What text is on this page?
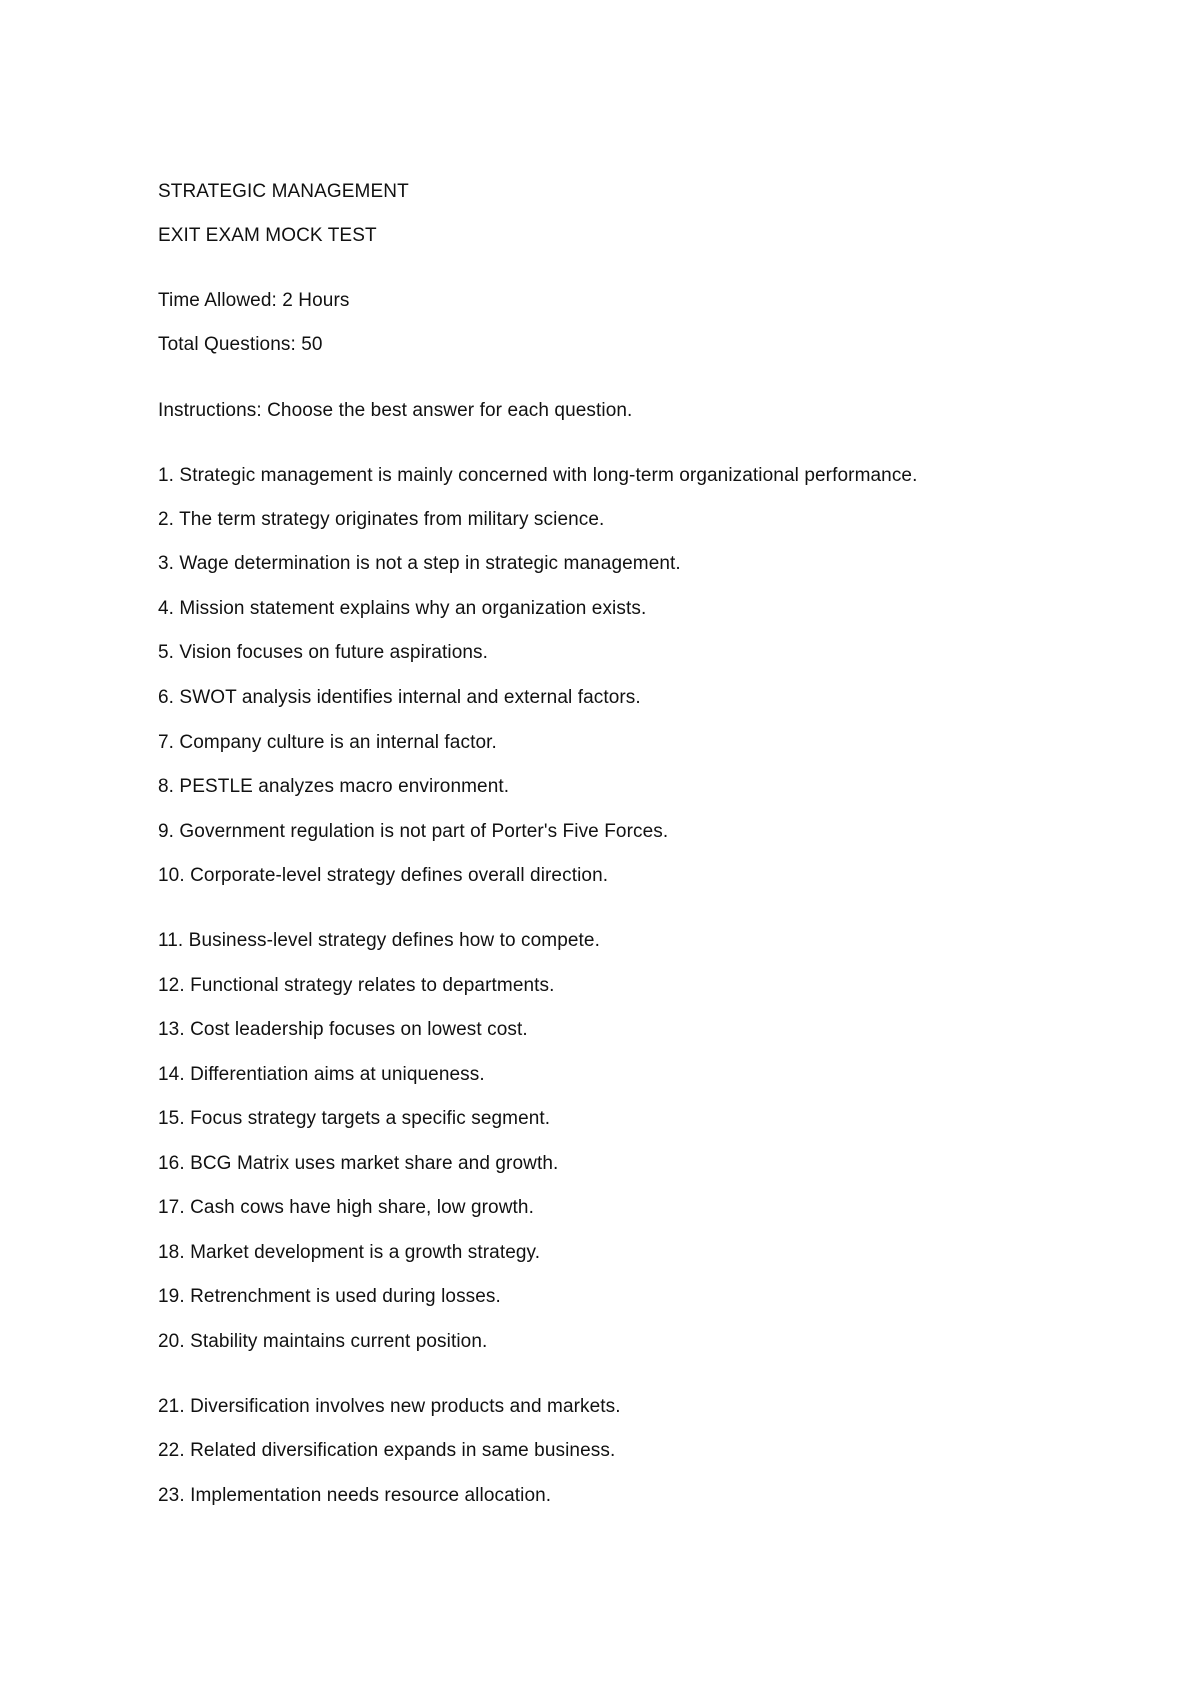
STRATEGIC MANAGEMENT
EXIT EXAM MOCK TEST
Time Allowed: 2 Hours
Total Questions: 50
Instructions: Choose the best answer for each question.
1. Strategic management is mainly concerned with long-term organizational performance.
2. The term strategy originates from military science.
3. Wage determination is not a step in strategic management.
4. Mission statement explains why an organization exists.
5. Vision focuses on future aspirations.
6. SWOT analysis identifies internal and external factors.
7. Company culture is an internal factor.
8. PESTLE analyzes macro environment.
9. Government regulation is not part of Porter's Five Forces.
10. Corporate-level strategy defines overall direction.
11. Business-level strategy defines how to compete.
12. Functional strategy relates to departments.
13. Cost leadership focuses on lowest cost.
14. Differentiation aims at uniqueness.
15. Focus strategy targets a specific segment.
16. BCG Matrix uses market share and growth.
17. Cash cows have high share, low growth.
18. Market development is a growth strategy.
19. Retrenchment is used during losses.
20. Stability maintains current position.
21. Diversification involves new products and markets.
22. Related diversification expands in same business.
23. Implementation needs resource allocation.
